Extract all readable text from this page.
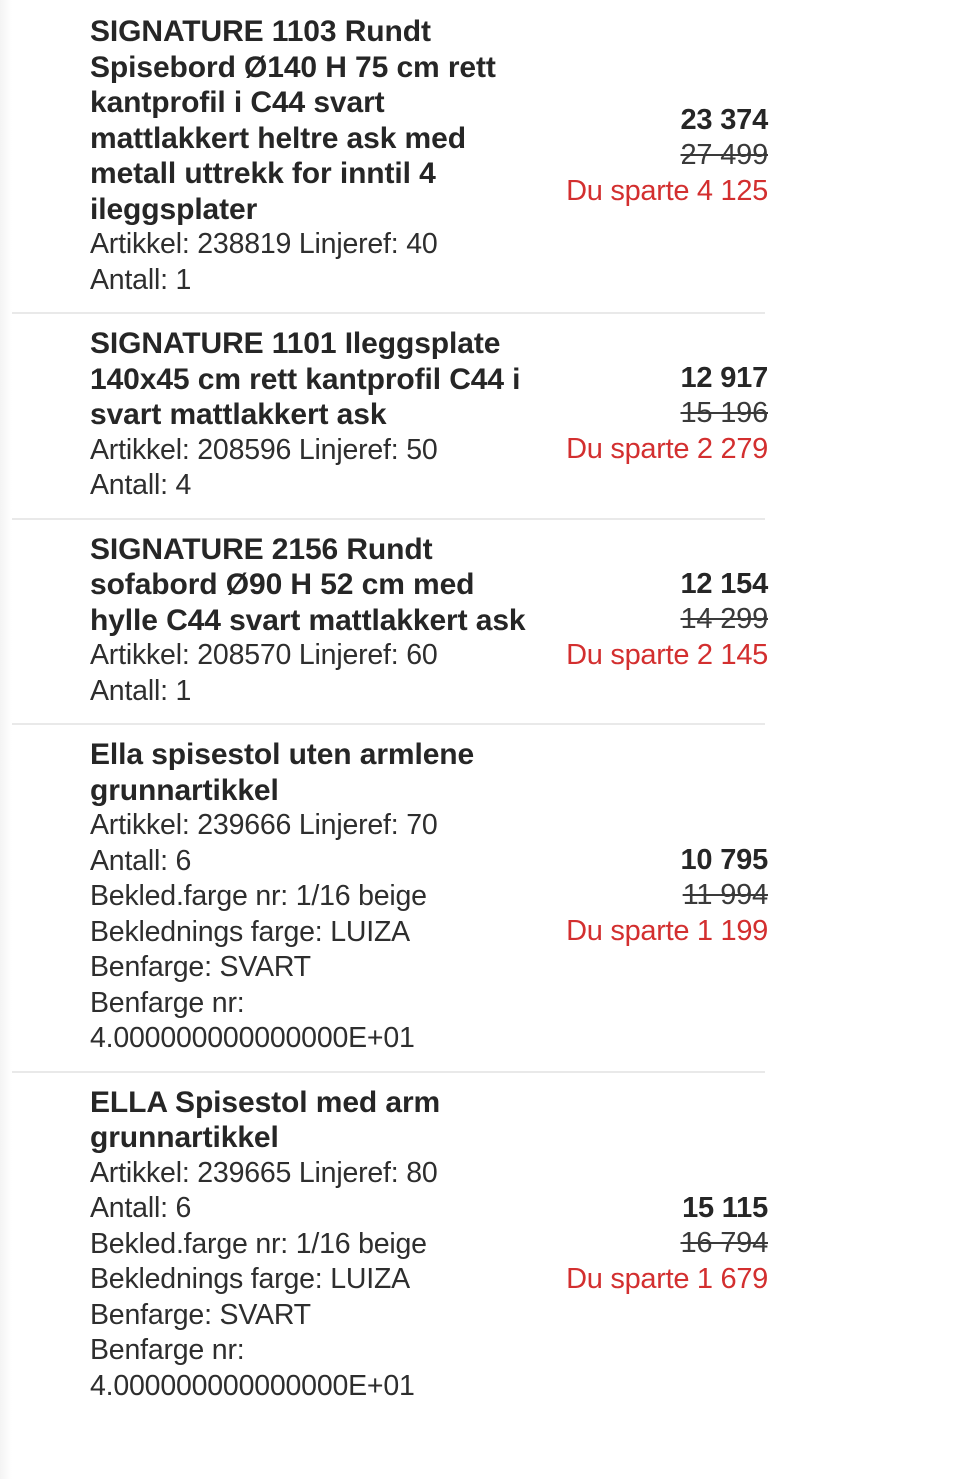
SIGNATURE 1103 Rundt Spisebord Ø140 H 75 cm rett kantprofil i C44 svart mattlakkert heltre ask med metall uttrekk for inntil 4 ileggsplater
Artikkel: 238819 Linjeref: 40
Antall: 1
23 374
27 499
Du sparte 4 125
SIGNATURE 1101 Ileggsplate 140x45 cm rett kantprofil C44 i svart mattlakkert ask
Artikkel: 208596 Linjeref: 50
Antall: 4
12 917
15 196
Du sparte 2 279
SIGNATURE 2156 Rundt sofabord Ø90 H 52 cm med hylle C44 svart mattlakkert ask
Artikkel: 208570 Linjeref: 60
Antall: 1
12 154
14 299
Du sparte 2 145
Ella spisestol uten armlene grunnartikkel
Artikkel: 239666 Linjeref: 70
Antall: 6
Bekled.farge nr: 1/16 beige
Beklednings farge: LUIZA
Benfarge: SVART
Benfarge nr: 4.000000000000000E+01
10 795
11 994
Du sparte 1 199
ELLA Spisestol med arm grunnartikkel
Artikkel: 239665 Linjeref: 80
Antall: 6
Bekled.farge nr: 1/16 beige
Beklednings farge: LUIZA
Benfarge: SVART
Benfarge nr: 4.000000000000000E+01
15 115
16 794
Du sparte 1 679
